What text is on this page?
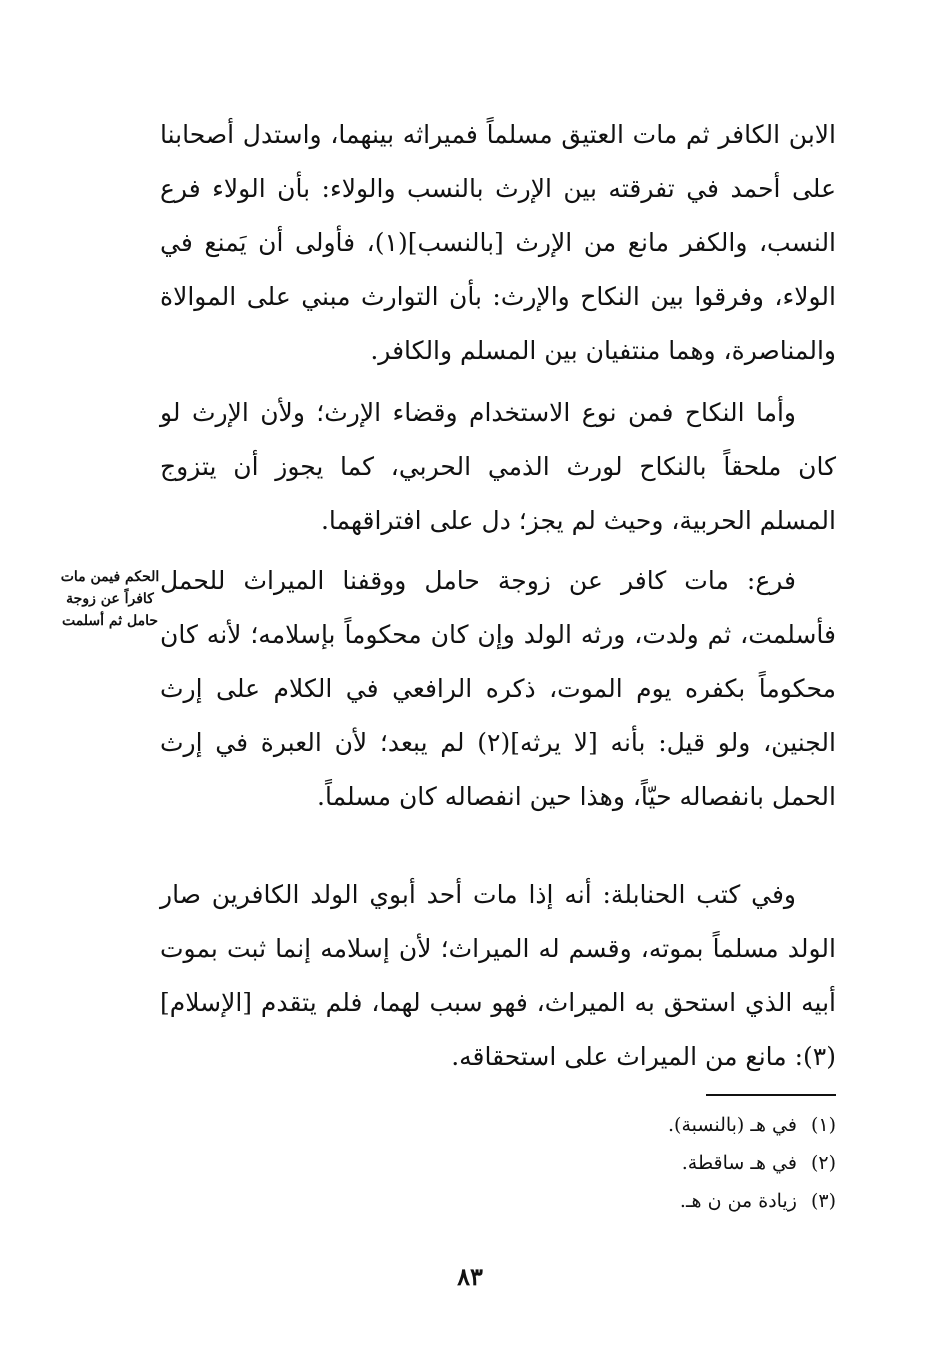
الابن الكافر ثم مات العتيق مسلماً فميراثه بينهما، واستدل أصحابنا على أحمد في تفرقته بين الإرث بالنسب والولاء: بأن الولاء فرع النسب، والكفر مانع من الإرث [بالنسب](١)، فأولى أن يَمنع في الولاء، وفرقوا بين النكاح والإرث: بأن التوارث مبني على الموالاة والمناصرة، وهما منتفيان بين المسلم والكافر.

وأما النكاح فمن نوع الاستخدام وقضاء الإرث؛ ولأن الإرث لو كان ملحقاً بالنكاح لورث الذمي الحربي، كما يجوز أن يتزوج المسلم الحربية، وحيث لم يجز؛ دل على افتراقهما.

الحكم فيمن مات كافراً عن زوجة حامل ثم أسلمت

فرع: مات كافر عن زوجة حامل ووقفنا الميراث للحمل فأسلمت، ثم ولدت، ورثه الولد وإن كان محكوماً بإسلامه؛ لأنه كان محكوماً بكفره يوم الموت، ذكره الرافعي في الكلام على إرث الجنين، ولو قيل: بأنه [لا يرثه](٢) لم يبعد؛ لأن العبرة في إرث الحمل بانفصاله حيّاً، وهذا حين انفصاله كان مسلماً.

وفي كتب الحنابلة: أنه إذا مات أحد أبوي الولد الكافرين صار الولد مسلماً بموته، وقسم له الميراث؛ لأن إسلامه إنما ثبت بموت أبيه الذي استحق به الميراث، فهو سبب لهما، فلم يتقدم [الإسلام](٣): مانع من الميراث على استحقاقه.

(١)في هـ (بالنسبة).
(٢)في هـ ساقطة.
(٣)زيادة من ن هـ.
٨٣
